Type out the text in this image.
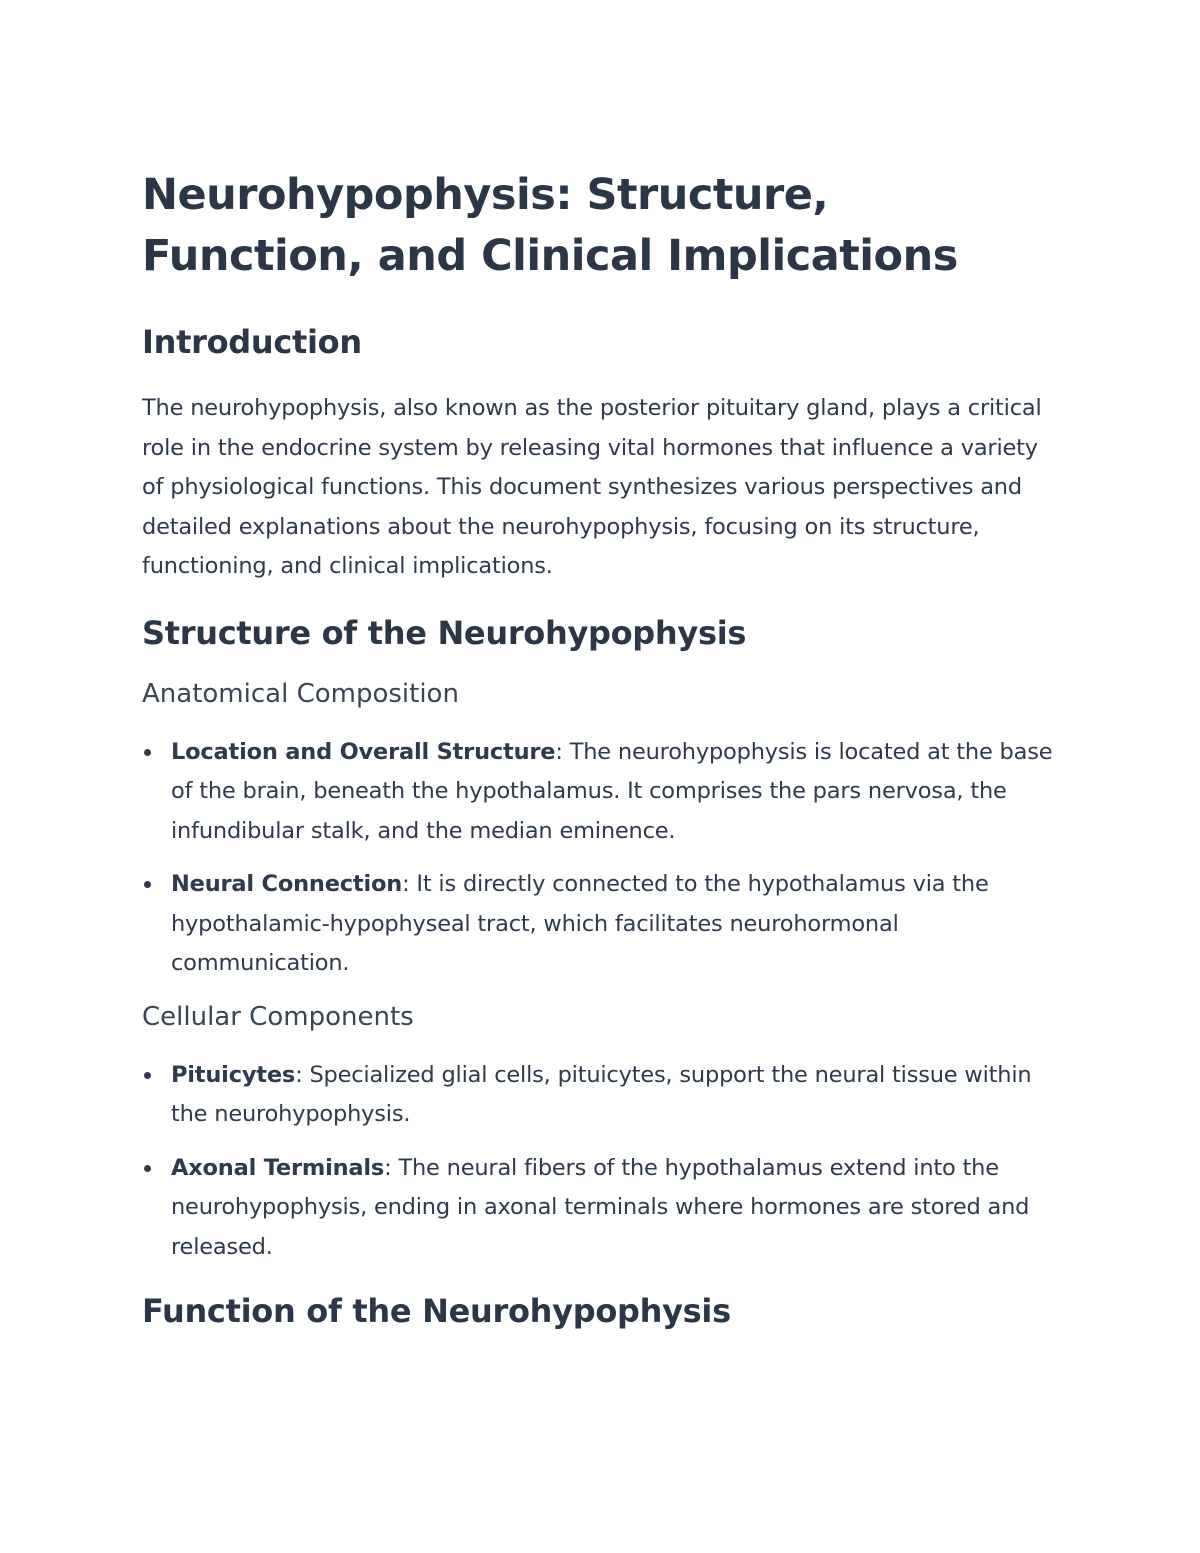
Neurohypophysis: Structure, Function, and Clinical Implications
Introduction

The neurohypophysis, also known as the posterior pituitary gland, plays a critical role in the endocrine system by releasing vital hormones that influence a variety of physiological functions. This document synthesizes various perspectives and detailed explanations about the neurohypophysis, focusing on its structure, functioning, and clinical implications.

Structure of the Neurohypophysis
Anatomical Composition
Location and Overall Structure: The neurohypophysis is located at the base of the brain, beneath the hypothalamus. It comprises the pars nervosa, the infundibular stalk, and the median eminence.
Neural Connection: It is directly connected to the hypothalamus via the hypothalamic-hypophyseal tract, which facilitates neurohormonal communication.
Cellular Components
Pituicytes: Specialized glial cells, pituicytes, support the neural tissue within the neurohypophysis.
Axonal Terminals: The neural fibers of the hypothalamus extend into the neurohypophysis, ending in axonal terminals where hormones are stored and released.
Function of the Neurohypophysis
